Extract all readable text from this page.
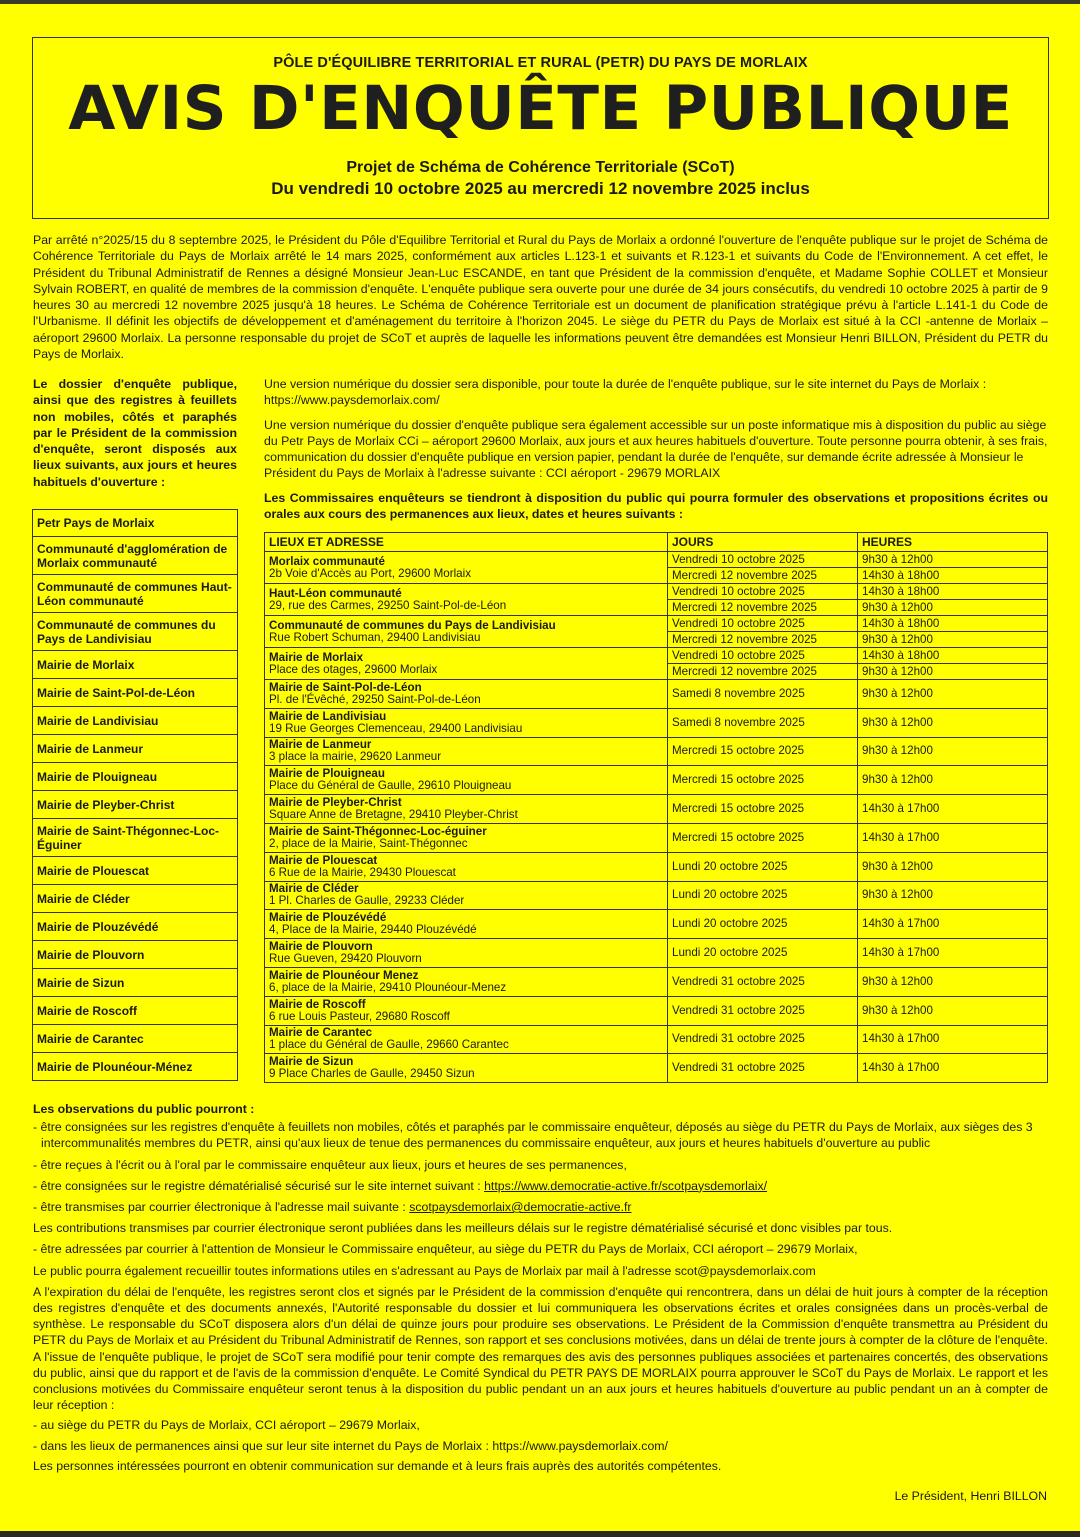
PÔLE D'ÉQUILIBRE TERRITORIAL ET RURAL (PETR) DU PAYS DE MORLAIX
AVIS D'ENQUÊTE PUBLIQUE
Projet de Schéma de Cohérence Territoriale (SCoT)
Du vendredi 10 octobre 2025 au mercredi 12 novembre 2025 inclus
Par arrêté n°2025/15 du 8 septembre 2025, le Président du Pôle d'Equilibre Territorial et Rural du Pays de Morlaix a ordonné l'ouverture de l'enquête publique sur le projet de Schéma de Cohérence Territoriale du Pays de Morlaix arrêté le 14 mars 2025, conformément aux articles L.123-1 et suivants et R.123-1 et suivants du Code de l'Environnement. A cet effet, le Président du Tribunal Administratif de Rennes a désigné Monsieur Jean-Luc ESCANDE, en tant que Président de la commission d'enquête, et Madame Sophie COLLET et Monsieur Sylvain ROBERT, en qualité de membres de la commission d'enquête. L'enquête publique sera ouverte pour une durée de 34 jours consécutifs, du vendredi 10 octobre 2025 à partir de 9 heures 30 au mercredi 12 novembre 2025 jusqu'à 18 heures. Le Schéma de Cohérence Territoriale est un document de planification stratégique prévu à l'article L.141-1 du Code de l'Urbanisme. Il définit les objectifs de développement et d'aménagement du territoire à l'horizon 2045. Le siège du PETR du Pays de Morlaix est situé à la CCI -antenne de Morlaix – aéroport 29600 Morlaix. La personne responsable du projet de SCoT et auprès de laquelle les informations peuvent être demandées est Monsieur Henri BILLON, Président du PETR du Pays de Morlaix.
Le dossier d'enquête publique, ainsi que des registres à feuillets non mobiles, côtés et paraphés par le Président de la commission d'enquête, seront disposés aux lieux suivants, aux jours et heures habituels d'ouverture :

Une version numérique du dossier sera disponible, pour toute la durée de l'enquête publique, sur le site internet du Pays de Morlaix : https://www.paysdemorlaix.com/

Une version numérique du dossier d'enquête publique sera également accessible sur un poste informatique mis à disposition du public au siège du Petr Pays de Morlaix CCi – aéroport 29600 Morlaix, aux jours et aux heures habituels d'ouverture. Toute personne pourra obtenir, à ses frais, communication du dossier d'enquête publique en version papier, pendant la durée de l'enquête, sur demande écrite adressée à Monsieur le Président du Pays de Morlaix à l'adresse suivante : CCI aéroport - 29679 MORLAIX

Les Commissaires enquêteurs se tiendront à disposition du public qui pourra formuler des observations et propositions écrites ou orales aux cours des permanences aux lieux, dates et heures suivants :

Petr Pays de Morlaix
Communauté d'agglomération de Morlaix communauté
Communauté de communes Haut-Léon communauté
Communauté de communes du Pays de Landivisiau
Mairie de Morlaix
Mairie de Saint-Pol-de-Léon
Mairie de Landivisiau
Mairie de Lanmeur
Mairie de Plouigneau
Mairie de Pleyber-Christ
Mairie de Saint-Thégonnec-Loc-Éguiner
Mairie de Plouescat
Mairie de Cléder
Mairie de Plouzévédé
Mairie de Plouvorn
Mairie de Sizun
Mairie de Roscoff
Mairie de Carantec
Mairie de Plounéour-Ménez
LIEUX ET ADRESSE	JOURS	HEURES

Morlaix communauté
2b Voie d'Accès au Port, 29600 Morlaix	Vendredi 10 octobre 2025	9h30 à 12h00
	Mercredi 12 novembre 2025	14h30 à 18h00

Haut-Léon communauté
29, rue des Carmes, 29250 Saint-Pol-de-Léon	Vendredi 10 octobre 2025	14h30 à 18h00
	Mercredi 12 novembre 2025	9h30 à 12h00

Communauté de communes du Pays de Landivisiau
Rue Robert Schuman, 29400 Landivisiau	Vendredi 10 octobre 2025	14h30 à 18h00
	Mercredi 12 novembre 2025	9h30 à 12h00

Mairie de Morlaix
Place des otages, 29600 Morlaix	Vendredi 10 octobre 2025	14h30 à 18h00
	Mercredi 12 novembre 2025	9h30 à 12h00

Mairie de Saint-Pol-de-Léon
Pl. de l'Évêché, 29250 Saint-Pol-de-Léon	Samedi 8 novembre 2025	9h30 à 12h00

Mairie de Landivisiau
19 Rue Georges Clemenceau, 29400 Landivisiau	Samedi 8 novembre 2025	9h30 à 12h00

Mairie de Lanmeur
3 place la mairie, 29620 Lanmeur	Mercredi 15 octobre 2025	9h30 à 12h00

Mairie de Plouigneau
Place du Général de Gaulle, 29610 Plouigneau	Mercredi 15 octobre 2025	9h30 à 12h00

Mairie de Pleyber-Christ
Square Anne de Bretagne, 29410 Pleyber-Christ	Mercredi 15 octobre 2025	14h30 à 17h00

Mairie de Saint-Thégonnec-Loc-éguiner
2, place de la Mairie, Saint-Thégonnec	Mercredi 15 octobre 2025	14h30 à 17h00

Mairie de Plouescat
6 Rue de la Mairie, 29430 Plouescat	Lundi 20 octobre 2025	9h30 à 12h00

Mairie de Cléder
1 Pl. Charles de Gaulle, 29233 Cléder	Lundi 20 octobre 2025	9h30 à 12h00

Mairie de Plouzévédé
4, Place de la Mairie, 29440 Plouzévédé	Lundi 20 octobre 2025	14h30 à 17h00

Mairie de Plouvorn
Rue Gueven, 29420 Plouvorn	Lundi 20 octobre 2025	14h30 à 17h00

Mairie de Plounéour Menez
6, place de la Mairie, 29410 Plounéour-Menez	Vendredi 31 octobre 2025	9h30 à 12h00

Mairie de Roscoff
6 rue Louis Pasteur, 29680 Roscoff	Vendredi 31 octobre 2025	9h30 à 12h00

Mairie de Carantec
1 place du Général de Gaulle, 29660 Carantec	Vendredi 31 octobre 2025	14h30 à 17h00

Mairie de Sizun
9 Place Charles de Gaulle, 29450 Sizun	Vendredi 31 octobre 2025	14h30 à 17h00
Les observations du public pourront :
- être consignées sur les registres d'enquête à feuillets non mobiles, côtés et paraphés par le commissaire enquêteur, déposés au siège du PETR du Pays de Morlaix, aux sièges des 3 intercommunalités membres du PETR, ainsi qu'aux lieux de tenue des permanences du commissaire enquêteur, aux jours et heures habituels d'ouverture au public
- être reçues à l'écrit ou à l'oral par le commissaire enquêteur aux lieux, jours et heures de ses permanences,
- être consignées sur le registre dématérialisé sécurisé sur le site internet suivant : https://www.democratie-active.fr/scotpaysdemorlaix/
- être transmises par courrier électronique à l'adresse mail suivante : scotpaysdemorlaix@democratie-active.fr
Les contributions transmises par courrier électronique seront publiées dans les meilleurs délais sur le registre dématérialisé sécurisé et donc visibles par tous.
- être adressées par courrier à l'attention de Monsieur le Commissaire enquêteur, au siège du PETR du Pays de Morlaix, CCI aéroport – 29679 Morlaix,
Le public pourra également recueillir toutes informations utiles en s'adressant au Pays de Morlaix par mail à l'adresse scot@paysdemorlaix.com
A l'expiration du délai de l'enquête, les registres seront clos et signés par le Président de la commission d'enquête qui rencontrera, dans un délai de huit jours à compter de la réception des registres d'enquête et des documents annexés, l'Autorité responsable du dossier et lui communiquera les observations écrites et orales consignées dans un procès-verbal de synthèse. Le responsable du SCoT disposera alors d'un délai de quinze jours pour produire ses observations. Le Président de la Commission d'enquête transmettra au Président du PETR du Pays de Morlaix et au Président du Tribunal Administratif de Rennes, son rapport et ses conclusions motivées, dans un délai de trente jours à compter de la clôture de l'enquête. A l'issue de l'enquête publique, le projet de SCoT sera modifié pour tenir compte des remarques des avis des personnes publiques associées et partenaires concertés, des observations du public, ainsi que du rapport et de l'avis de la commission d'enquête. Le Comité Syndical du PETR PAYS DE MORLAIX pourra approuver le SCoT du Pays de Morlaix. Le rapport et les conclusions motivées du Commissaire enquêteur seront tenus à la disposition du public pendant un an aux jours et heures habituels d'ouverture au public pendant un an à compter de leur réception :
- au siège du PETR du Pays de Morlaix, CCI aéroport – 29679 Morlaix,
- dans les lieux de permanences ainsi que sur leur site internet du Pays de Morlaix : https://www.paysdemorlaix.com/
Les personnes intéressées pourront en obtenir communication sur demande et à leurs frais auprès des autorités compétentes.
Le Président, Henri BILLON
